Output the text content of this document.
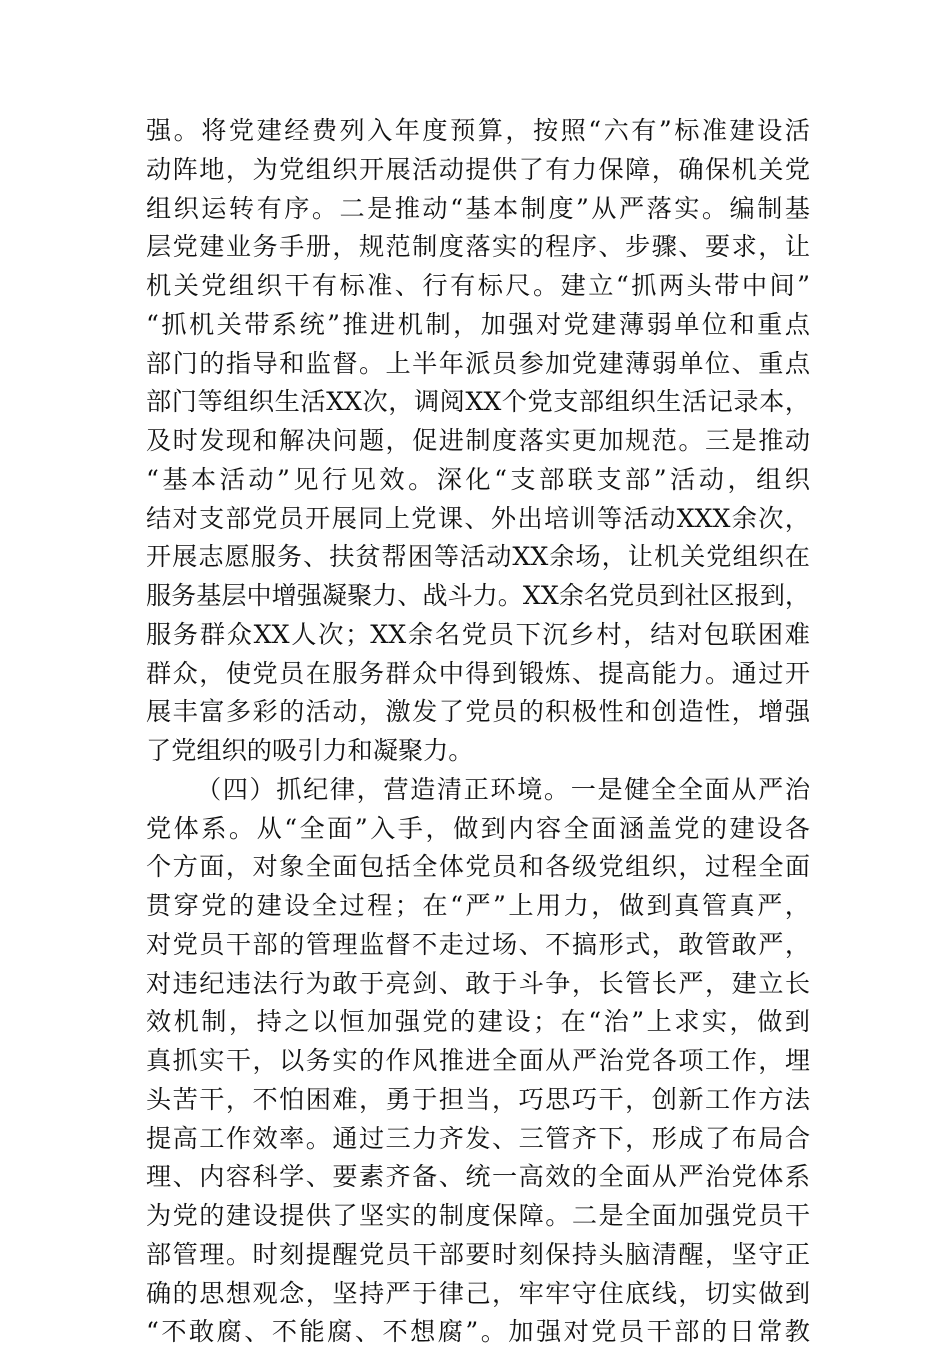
强。将党建经费列入年度预算，按照“六有”标准建设活
动阵地，为党组织开展活动提供了有力保障，确保机关党
组织运转有序。二是推动“基本制度”从严落实。编制基
层党建业务手册，规范制度落实的程序、步骤、要求，让
机关党组织干有标准、行有标尺。建立“抓两头带中间”
“抓机关带系统”推进机制，加强对党建薄弱单位和重点
部门的指导和监督。上半年派员参加党建薄弱单位、重点
部门等组织生活XX次，调阅XX个党支部组织生活记录本，
及时发现和解决问题，促进制度落实更加规范。三是推动
“基本活动”见行见效。深化“支部联支部”活动，组织
结对支部党员开展同上党课、外出培训等活动XXX余次，
开展志愿服务、扶贫帮困等活动XX余场，让机关党组织在
服务基层中增强凝聚力、战斗力。XX余名党员到社区报到，
服务群众XX人次；XX余名党员下沉乡村，结对包联困难
群众，使党员在服务群众中得到锻炼、提高能力。通过开
展丰富多彩的活动，激发了党员的积极性和创造性，增强
了党组织的吸引力和凝聚力。
（四）抓纪律，营造清正环境。一是健全全面从严治
党体系。从“全面”入手，做到内容全面涵盖党的建设各
个方面，对象全面包括全体党员和各级党组织，过程全面
贯穿党的建设全过程；在“严”上用力，做到真管真严，
对党员干部的管理监督不走过场、不搞形式，敢管敢严，
对违纪违法行为敢于亮剑、敢于斗争，长管长严，建立长
效机制，持之以恒加强党的建设；在“治”上求实，做到
真抓实干，以务实的作风推进全面从严治党各项工作，埋
头苦干，不怕困难，勇于担当，巧思巧干，创新工作方法
提高工作效率。通过三力齐发、三管齐下，形成了布局合
理、内容科学、要素齐备、统一高效的全面从严治党体系
为党的建设提供了坚实的制度保障。二是全面加强党员干
部管理。时刻提醒党员干部要时刻保持头脑清醒，坚守正
确的思想观念，坚持严于律己，牢牢守住底线，切实做到
“不敢腐、不能腐、不想腐”。加强对党员干部的日常教
